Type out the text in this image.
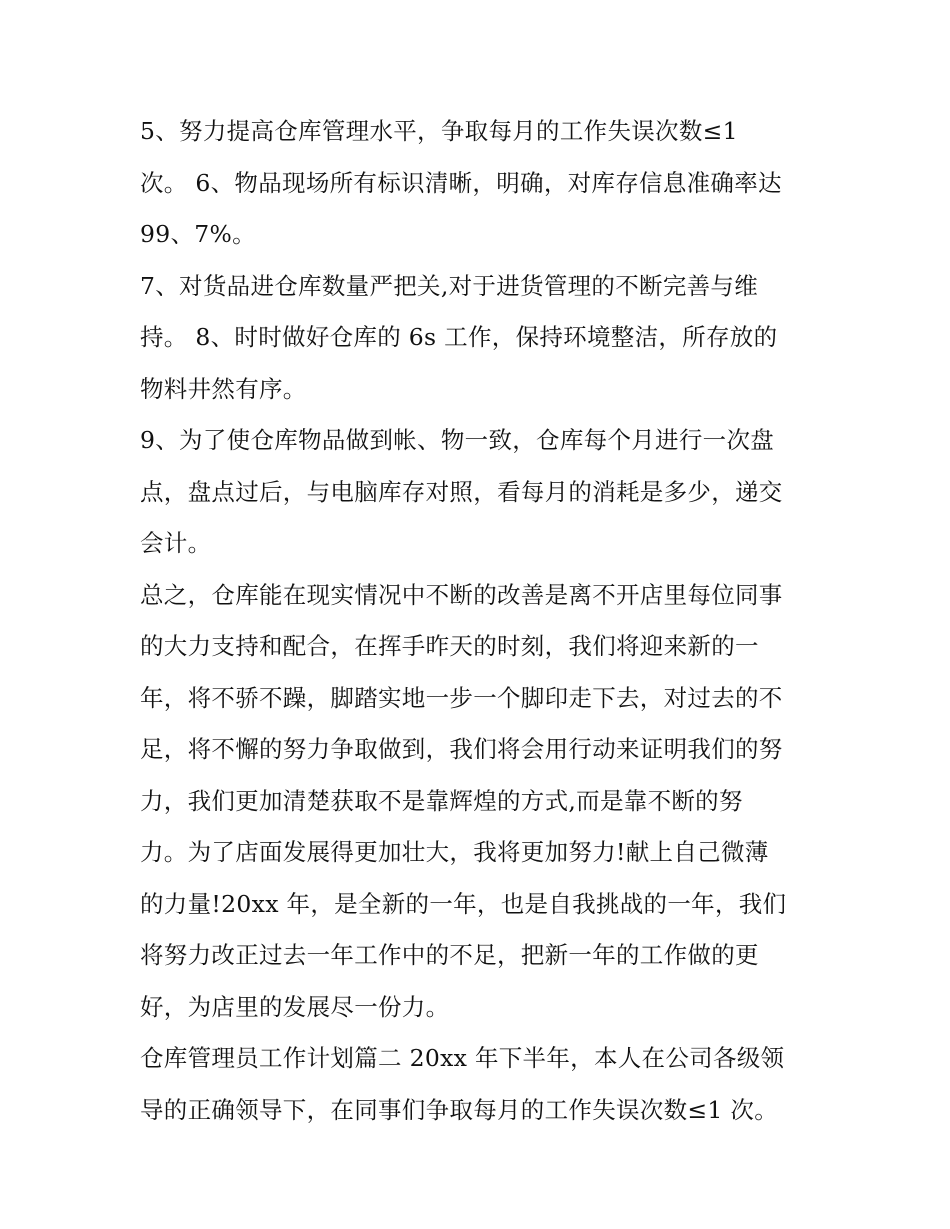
5、努力提高仓库管理水平，争取每月的工作失误次数≤1
次。 6、物品现场所有标识清晰，明确，对库存信息准确率达
99、7%。
7、对货品进仓库数量严把关,对于进货管理的不断完善与维
持。 8、时时做好仓库的 6s 工作，保持环境整洁，所存放的
物料井然有序。
9、为了使仓库物品做到帐、物一致，仓库每个月进行一次盘
点，盘点过后，与电脑库存对照，看每月的消耗是多少，递交
会计。
总之，仓库能在现实情况中不断的改善是离不开店里每位同事
的大力支持和配合，在挥手昨天的时刻，我们将迎来新的一
年，将不骄不躁，脚踏实地一步一个脚印走下去，对过去的不
足，将不懈的努力争取做到，我们将会用行动来证明我们的努
力，我们更加清楚获取不是靠辉煌的方式,而是靠不断的努
力。为了店面发展得更加壮大，我将更加努力!献上自己微薄
的力量!20xx 年，是全新的一年，也是自我挑战的一年，我们
将努力改正过去一年工作中的不足，把新一年的工作做的更
好，为店里的发展尽一份力。
仓库管理员工作计划篇二 20xx 年下半年，本人在公司各级领
导的正确领导下，在同事们争取每月的工作失误次数≤1 次。
